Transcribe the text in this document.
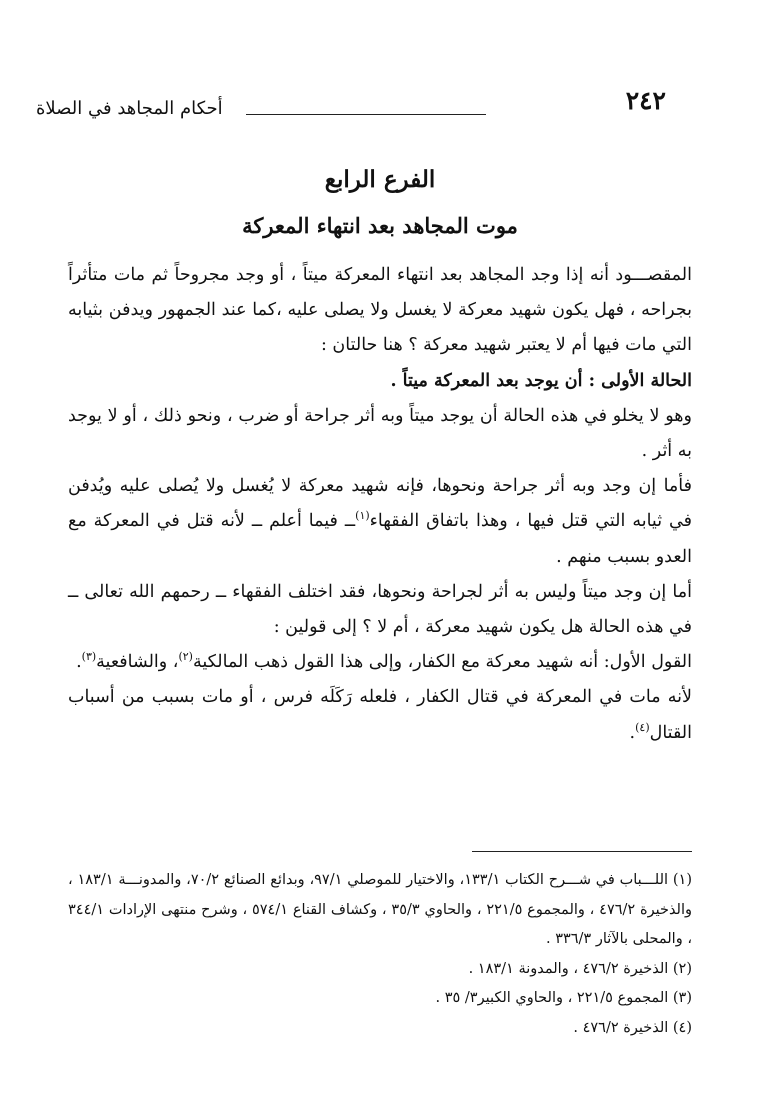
٢٤٢
أحكام المجاهد في الصلاة
الفرع الرابع
موت المجاهد بعد انتهاء المعركة

المقصـــود أنه إذا وجد المجاهد بعد انتهاء المعركة ميتاً ، أو وجد مجروحاً ثم مات متأثراً بجراحه ، فهل يكون شهيد معركة لا يغسل ولا يصلى عليه ،كما عند الجمهور ويدفن بثيابه التي مات فيها أم لا يعتبر شهيد معركة ؟ هنا حالتان :

الحالة الأولى : أن يوجد بعد المعركة ميتاً .

وهو لا يخلو في هذه الحالة أن يوجد ميتاً وبه أثر جراحة أو ضرب ، ونحو ذلك ، أو لا يوجد به أثر .

فأما إن وجد وبه أثر جراحة ونحوها، فإنه شهيد معركة لا يُغسل ولا يُصلى عليه ويُدفن في ثيابه التي قتل فيها ، وهذا باتفاق الفقهاء$^{(١)}$ــ فيما أعلم ــ لأنه قتل في المعركة مع العدو بسبب منهم .

أما إن وجد ميتاً وليس به أثر لجراحة ونحوها، فقد اختلف الفقهاء ــ رحمهم الله تعالى ــ في هذه الحالة هل يكون شهيد معركة ، أم لا ؟ إلى قولين :

القول الأول: أنه شهيد معركة مع الكفار، وإلى هذا القول ذهب المالكية$^{(٢)}$، والشافعية$^{(٣)}$.

لأنه مات في المعركة في قتال الكفار ، فلعله رَكَلَه فرس ، أو مات بسبب من أسباب القتال$^{(٤)}$.

(١) اللـــباب في شـــرح الكتاب ١٣٣/١، والاختيار للموصلي ٩٧/١، وبدائع الصنائع ٧٠/٢، والمدونـــة ١٨٣/١ ، والذخيرة ٤٧٦/٢ ، والمجموع ٢٢١/٥ ، والحاوي ٣٥/٣ ، وكشاف القناع ٥٧٤/١ ، وشرح منتهى الإرادات ٣٤٤/١ ، والمحلى بالآثار ٣٣٦/٣ .

(٢) الذخيرة ٤٧٦/٢ ، والمدونة ١٨٣/١ .

(٣) المجموع ٢٢١/٥ ، والحاوي الكبير٣/ ٣٥ .

(٤) الذخيرة ٤٧٦/٢ .
